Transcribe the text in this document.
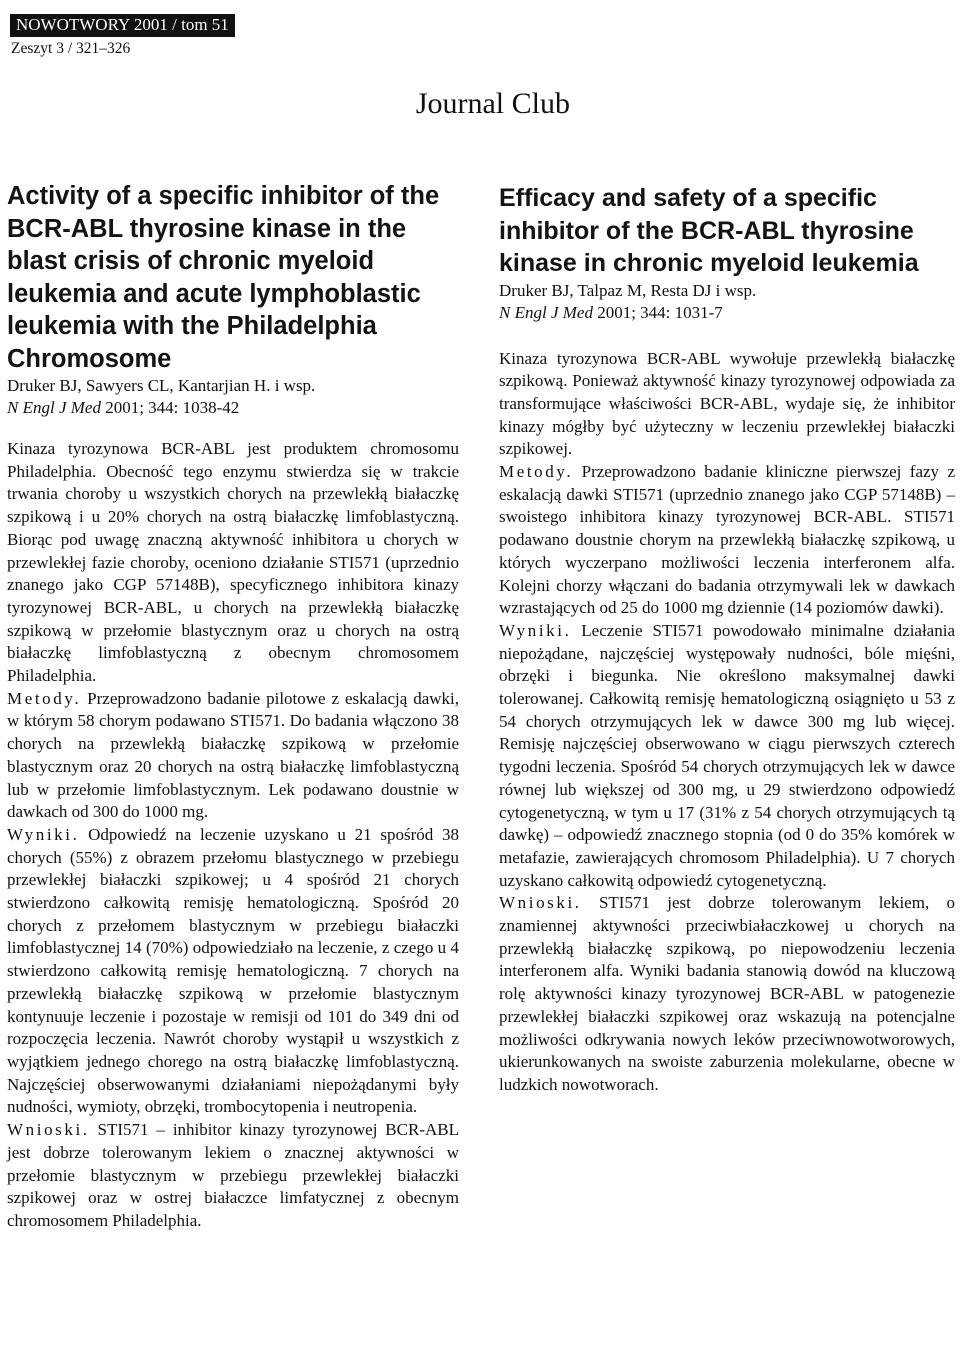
NOWOTWORY 2001 / tom 51
Zeszyt 3 / 321–326
Journal Club
Activity of a specific inhibitor of the BCR-ABL thyrosine kinase in the blast crisis of chronic myeloid leukemia and acute lymphoblastic leukemia with the Philadelphia Chromosome

Druker BJ, Sawyers CL, Kantarjian H. i wsp.

N Engl J Med 2001; 344: 1038-42

Kinaza tyrozynowa BCR-ABL jest produktem chromosomu Philadelphia. Obecność tego enzymu stwierdza się w trakcie trwania choroby u wszystkich chorych na przewlekłą białaczkę szpikową i u 20% chorych na ostrą białaczkę limfoblastyczną. Biorąc pod uwagę znaczną aktywność inhibitora u chorych w przewlekłej fazie choroby, oceniono działanie STI571 (uprzednio znanego jako CGP 57148B), specyficznego inhibitora kinazy tyrozynowej BCR-ABL, u chorych na przewlekłą białaczkę szpikową w przełomie blastycznym oraz u chorych na ostrą białaczkę limfoblastyczną z obecnym chromosomem Philadelphia.

Metody. Przeprowadzono badanie pilotowe z eskalacją dawki, w którym 58 chorym podawano STI571. Do badania włączono 38 chorych na przewlekłą białaczkę szpikową w przełomie blastycznym oraz 20 chorych na ostrą białaczkę limfoblastyczną lub w przełomie limfoblastycznym. Lek podawano doustnie w dawkach od 300 do 1000 mg.

Wyniki. Odpowiedź na leczenie uzyskano u 21 spośród 38 chorych (55%) z obrazem przełomu blastycznego w przebiegu przewlekłej białaczki szpikowej; u 4 spośród 21 chorych stwierdzono całkowitą remisję hematologiczną. Spośród 20 chorych z przełomem blastycznym w przebiegu białaczki limfoblastycznej 14 (70%) odpowiedziało na leczenie, z czego u 4 stwierdzono całkowitą remisję hematologiczną. 7 chorych na przewlekłą białaczkę szpikową w przełomie blastycznym kontynuuje leczenie i pozostaje w remisji od 101 do 349 dni od rozpoczęcia leczenia. Nawrót choroby wystąpił u wszystkich z wyjątkiem jednego chorego na ostrą białaczkę limfoblastyczną. Najczęściej obserwowanymi działaniami niepożądanymi były nudności, wymioty, obrzęki, trombocytopenia i neutropenia.

Wnioski. STI571 – inhibitor kinazy tyrozynowej BCR-ABL jest dobrze tolerowanym lekiem o znacznej aktywności w przełomie blastycznym w przebiegu przewlekłej białaczki szpikowej oraz w ostrej białaczce limfatycznej z obecnym chromosomem Philadelphia.

Efficacy and safety of a specific inhibitor of the BCR-ABL thyrosine kinase in chronic myeloid leukemia

Druker BJ, Talpaz M, Resta DJ i wsp.

N Engl J Med 2001; 344: 1031-7

Kinaza tyrozynowa BCR-ABL wywołuje przewlekłą białaczkę szpikową. Ponieważ aktywność kinazy tyrozynowej odpowiada za transformujące właściwości BCR-ABL, wydaje się, że inhibitor kinazy mógłby być użyteczny w leczeniu przewlekłej białaczki szpikowej.

Metody. Przeprowadzono badanie kliniczne pierwszej fazy z eskalacją dawki STI571 (uprzednio znanego jako CGP 57148B) – swoistego inhibitora kinazy tyrozynowej BCR-ABL. STI571 podawano doustnie chorym na przewlekłą białaczkę szpikową, u których wyczerpano możliwości leczenia interferonem alfa. Kolejni chorzy włączani do badania otrzymywali lek w dawkach wzrastających od 25 do 1000 mg dziennie (14 poziomów dawki).

Wyniki. Leczenie STI571 powodowało minimalne działania niepożądane, najczęściej występowały nudności, bóle mięśni, obrzęki i biegunka. Nie określono maksymalnej dawki tolerowanej. Całkowitą remisję hematologiczną osiągnięto u 53 z 54 chorych otrzymujących lek w dawce 300 mg lub więcej. Remisję najczęściej obserwowano w ciągu pierwszych czterech tygodni leczenia. Spośród 54 chorych otrzymujących lek w dawce równej lub większej od 300 mg, u 29 stwierdzono odpowiedź cytogenetyczną, w tym u 17 (31% z 54 chorych otrzymujących tą dawkę) – odpowiedź znacznego stopnia (od 0 do 35% komórek w metafazie, zawierających chromosom Philadelphia). U 7 chorych uzyskano całkowitą odpowiedź cytogenetyczną.

Wnioski. STI571 jest dobrze tolerowanym lekiem, o znamiennej aktywności przeciwbiałaczkowej u chorych na przewlekłą białaczkę szpikową, po niepowodzeniu leczenia interferonem alfa. Wyniki badania stanowią dowód na kluczową rolę aktywności kinazy tyrozynowej BCR-ABL w patogenezie przewlekłej białaczki szpikowej oraz wskazują na potencjalne możliwości odkrywania nowych leków przeciwnowotworowych, ukierunkowanych na swoiste zaburzenia molekularne, obecne w ludzkich nowotworach.
